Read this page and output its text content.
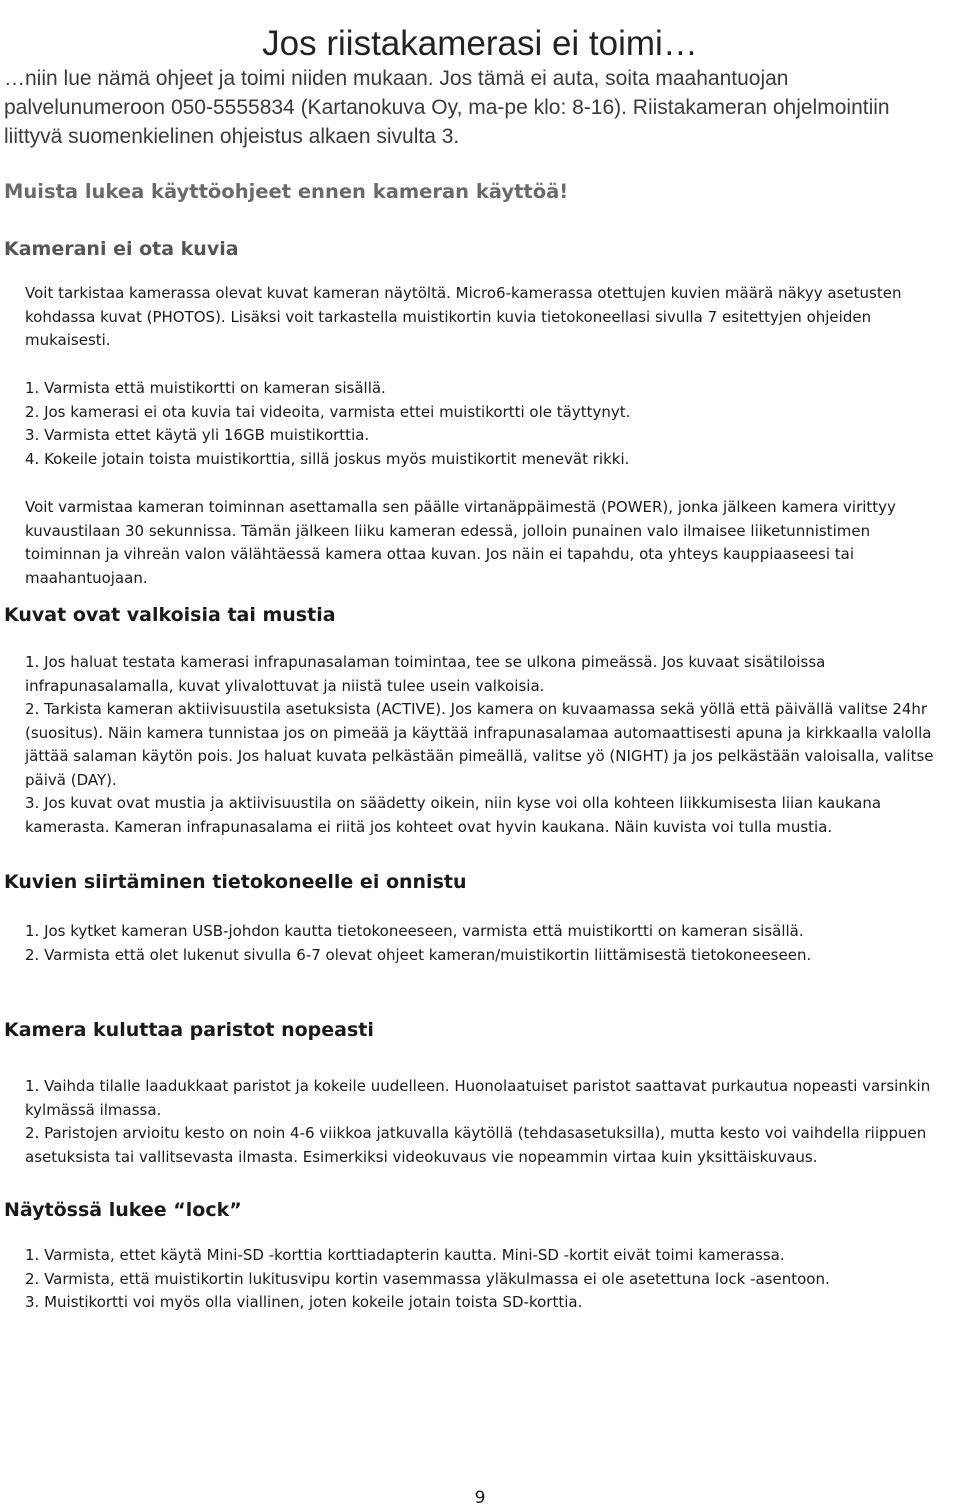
Jos riistakamerasi ei toimi…

…niin lue nämä ohjeet ja toimi niiden mukaan. Jos tämä ei auta, soita maahantuojan palvelunumeroon 050-5555834 (Kartanokuva Oy, ma-pe klo: 8-16). Riistakameran ohjelmointiin liittyvä suomenkielinen ohjeistus alkaen sivulta 3.

Muista lukea käyttöohjeet ennen kameran käyttöä!
Kamerani ei ota kuvia

Voit tarkistaa kamerassa olevat kuvat kameran näytöltä. Micro6-kamerassa otettujen kuvien määrä näkyy asetusten kohdassa kuvat (PHOTOS). Lisäksi voit tarkastella muistikortin kuvia tietokoneellasi sivulla 7 esitettyjen ohjeiden mukaisesti.

1. Varmista että muistikortti on kameran sisällä.
2. Jos kamerasi ei ota kuvia tai videoita, varmista ettei muistikortti ole täyttynyt.
3. Varmista ettet käytä yli 16GB muistikorttia.
4. Kokeile jotain toista muistikorttia, sillä joskus myös muistikortit menevät rikki.

Voit varmistaa kameran toiminnan asettamalla sen päälle virtanäppäimestä (POWER), jonka jälkeen kamera virittyy kuvaustilaan 30 sekunnissa. Tämän jälkeen liiku kameran edessä, jolloin punainen valo ilmaisee liiketunnistimen toiminnan ja vihreän valon välähtäessä kamera ottaa kuvan. Jos näin ei tapahdu, ota yhteys kauppiaaseesi tai maahantuojaan.

Kuvat ovat valkoisia tai mustia
1. Jos haluat testata kamerasi infrapunasalaman toimintaa, tee se ulkona pimeässä. Jos kuvaat sisätiloissa infrapunasalamalla, kuvat ylivalottuvat ja niistä tulee usein valkoisia.
2. Tarkista kameran aktiivisuustila asetuksista (ACTIVE). Jos kamera on kuvaamassa sekä yöllä että päivällä valitse 24hr (suositus). Näin kamera tunnistaa jos on pimeää ja käyttää infrapunasalamaa automaattisesti apuna ja kirkkaalla valolla jättää salaman käytön pois. Jos haluat kuvata pelkästään pimeällä, valitse yö (NIGHT) ja jos pelkästään valoisalla, valitse päivä (DAY).
3. Jos kuvat ovat mustia ja aktiivisuustila on säädetty oikein, niin kyse voi olla kohteen liikkumisesta liian kaukana kamerasta. Kameran infrapunasalama ei riitä jos kohteet ovat hyvin kaukana. Näin kuvista voi tulla mustia.
Kuvien siirtäminen tietokoneelle ei onnistu
1. Jos kytket kameran USB-johdon kautta tietokoneeseen, varmista että muistikortti on kameran sisällä.
2. Varmista että olet lukenut sivulla 6-7 olevat ohjeet kameran/muistikortin liittämisestä tietokoneeseen.
Kamera kuluttaa paristot nopeasti
1. Vaihda tilalle laadukkaat paristot ja kokeile uudelleen. Huonolaatuiset paristot saattavat purkautua nopeasti varsinkin kylmässä ilmassa.
2. Paristojen arvioitu kesto on noin 4-6 viikkoa jatkuvalla käytöllä (tehdasasetuksilla), mutta kesto voi vaihdella riippuen asetuksista tai vallitsevasta ilmasta. Esimerkiksi videokuvaus vie nopeammin virtaa kuin yksittäiskuvaus.
Näytössä lukee “lock”
1. Varmista, ettet käytä Mini-SD -korttia korttiadapterin kautta. Mini-SD -kortit eivät toimi kamerassa.
2. Varmista, että muistikortin lukitusvipu kortin vasemmassa yläkulmassa ei ole asetettuna lock -asentoon.
3. Muistikortti voi myös olla viallinen, joten kokeile jotain toista SD-korttia.
9
